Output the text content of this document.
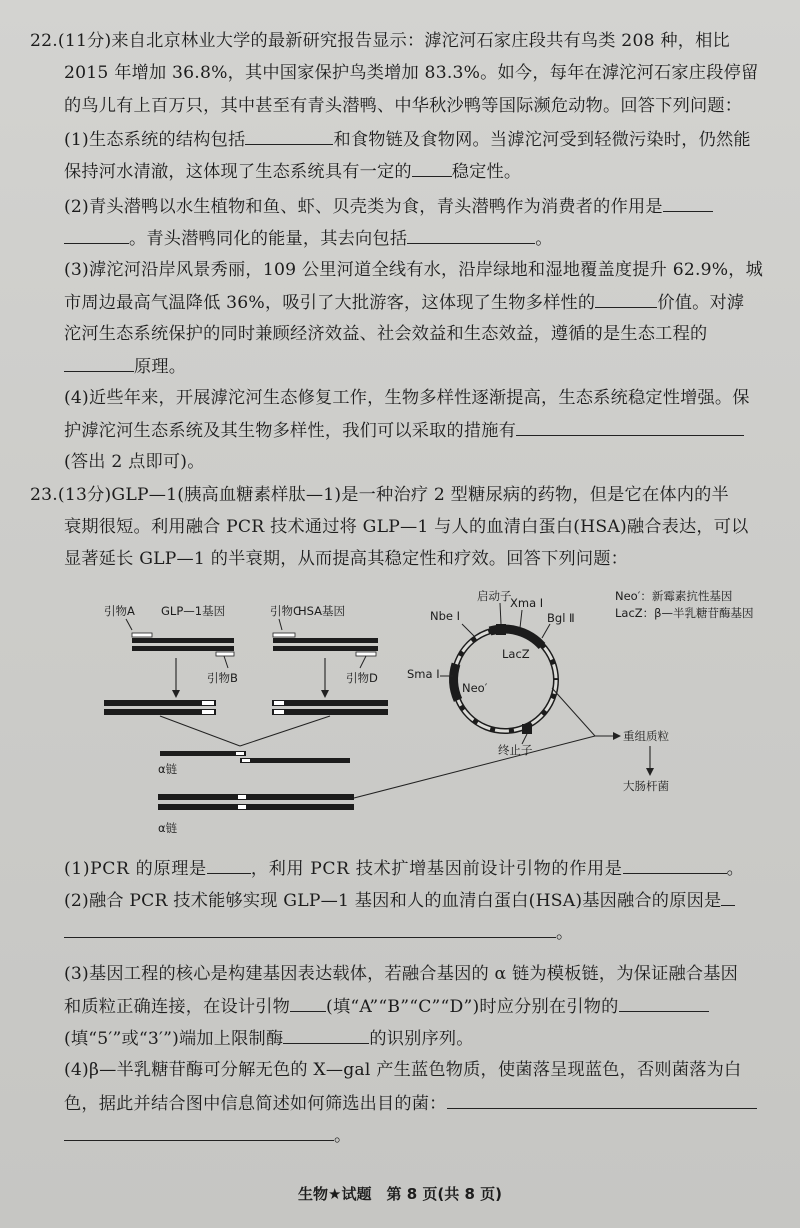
22.(11分)来自北京林业大学的最新研究报告显示：滹沱河石家庄段共有鸟类 208 种，相比
2015 年增加 36.8%，其中国家保护鸟类增加 83.3%。如今，每年在滹沱河石家庄段停留
的鸟儿有上百万只，其中甚至有青头潜鸭、中华秋沙鸭等国际濒危动物。回答下列问题：
(1)生态系统的结构包括	和食物链及食物网。当滹沱河受到轻微污染时，仍然能
保持河水清澈，这体现了生态系统具有一定的 稳定性。
(2)青头潜鸭以水生植物和鱼、虾、贝壳类为食，青头潜鸭作为消费者的作用是
。青头潜鸭同化的能量，其去向包括	。
(3)滹沱河沿岸风景秀丽，109 公里河道全线有水，沿岸绿地和湿地覆盖度提升 62.9%，城
市周边最高气温降低 36%，吸引了大批游客，这体现了生物多样性的	价值。对滹
沱河生态系统保护的同时兼顾经济效益、社会效益和生态效益，遵循的是生态工程的
原理。
(4)近些年来，开展滹沱河生态修复工作，生物多样性逐渐提高，生态系统稳定性增强。保
护滹沱河生态系统及其生物多样性，我们可以采取的措施有
(答出 2 点即可)。
23.(13分)GLP—1(胰高血糖素样肽—1)是一种治疗 2 型糖尿病的药物，但是它在体内的半
衰期很短。利用融合 PCR 技术通过将 GLP—1 与人的血清白蛋白(HSA)融合表达，可以
显著延长 GLP—1 的半衰期，从而提高其稳定性和疗效。回答下列问题：
引物A GLP—1基因	引物C
HSA基因
引物B	引物D
α链
α链
启动子
Xma Ⅰ
Nbe Ⅰ	Bgl Ⅱ
LacZ
Sma Ⅰ
Neo′
终止子
Neo′：新霉素抗性基因
LacZ：β—半乳糖苷酶基因
重组质粒
大肠杆菌
(1)PCR 的原理是	，利用 PCR 技术扩增基因前设计引物的作用是	。
(2)融合 PCR 技术能够实现 GLP—1 基因和人的血清白蛋白(HSA)基因融合的原因是
。
(3)基因工程的核心是构建基因表达载体，若融合基因的 α 链为模板链，为保证融合基因
和质粒正确连接，在设计引物 (填“A”“B”“C”“D”)时应分别在引物的
(填“5′”或“3′”)端加上限制酶	的识别序列。
(4)β—半乳糖苷酶可分解无色的 X—gal 产生蓝色物质，使菌落呈现蓝色，否则菌落为白
色，据此并结合图中信息简述如何筛选出目的菌：
。
生物★试题　第 8 页(共 8 页)
